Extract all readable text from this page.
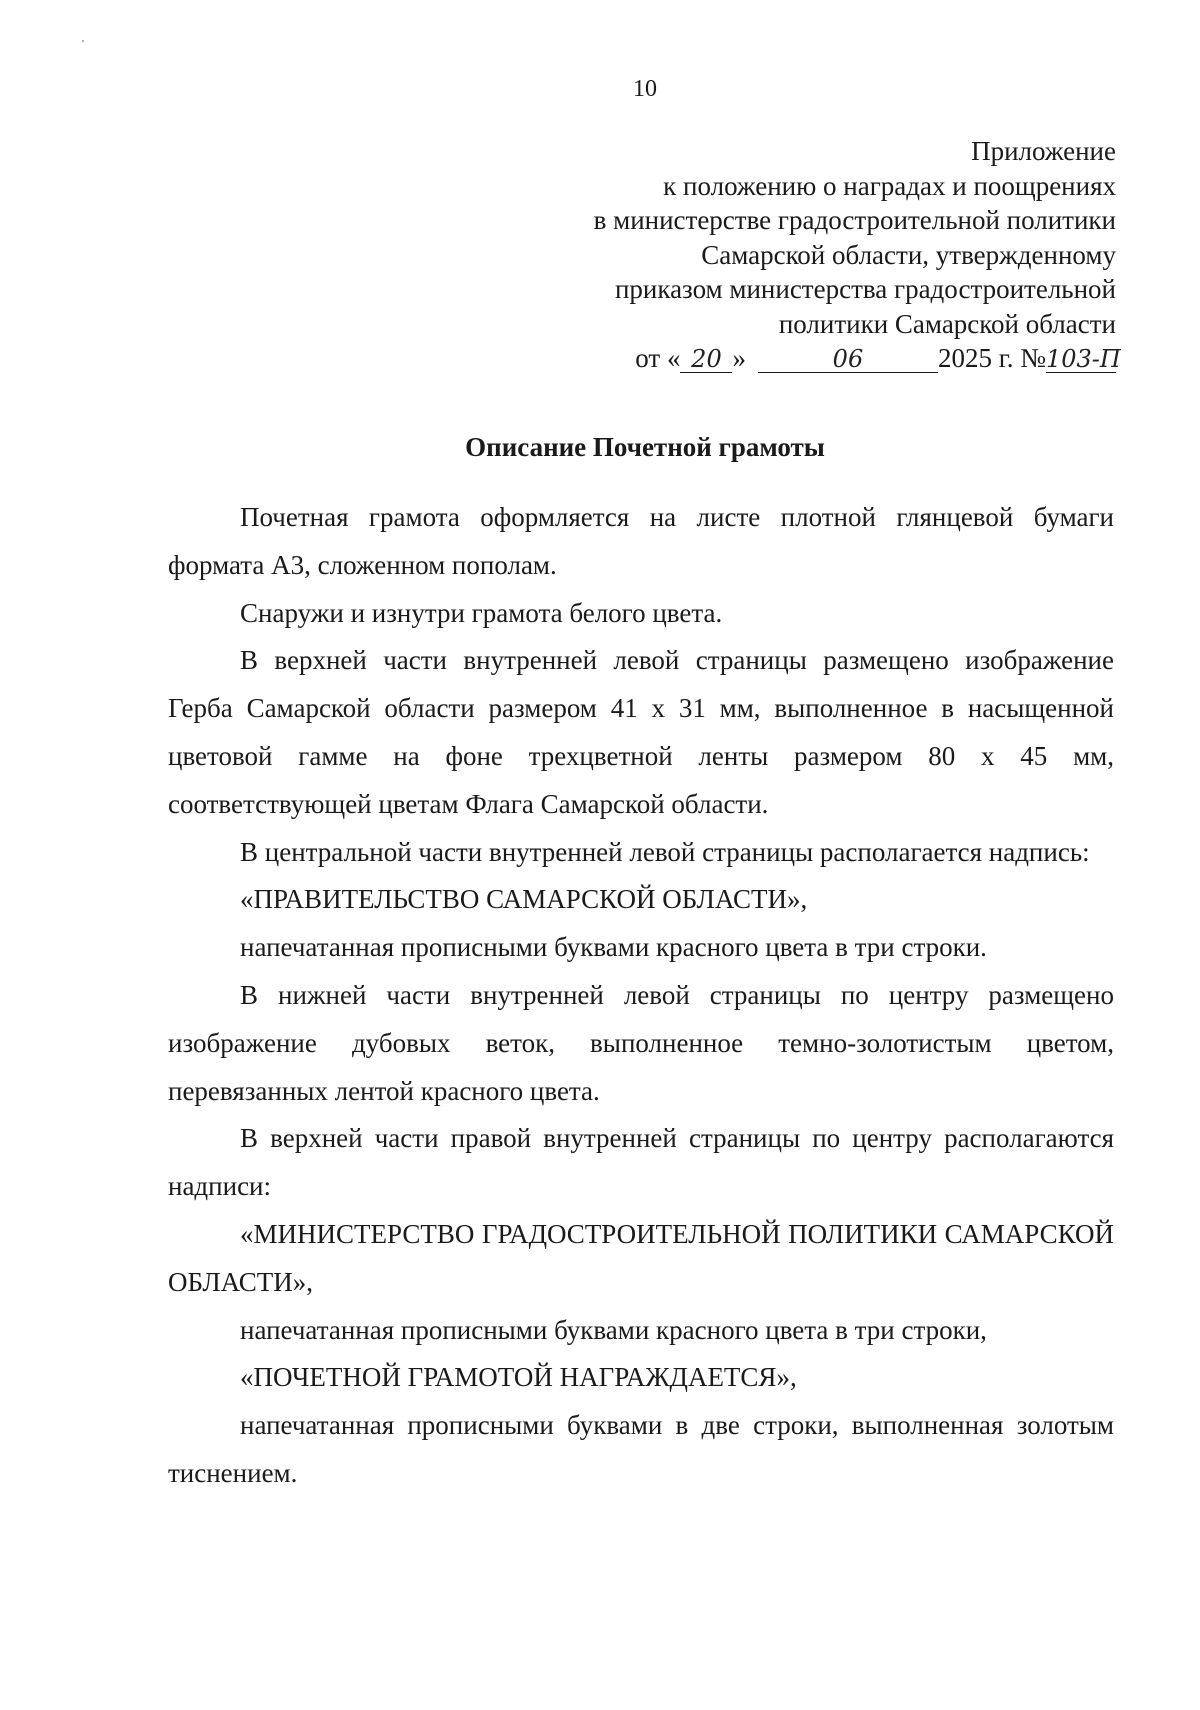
10
Приложение
к положению о наградах и поощрениях
в министерстве градостроительной политики
Самарской области, утвержденному
приказом министерства градостроительной
политики Самарской области
от « 20 »	06	2025 г. №103-П
Описание Почетной грамоты

Почетная грамота оформляется на листе плотной глянцевой бумаги формата А3, сложенном пополам.

Снаружи и изнутри грамота белого цвета.

В верхней части внутренней левой страницы размещено изображение Герба Самарской области размером 41 х 31 мм, выполненное в насыщенной цветовой гамме на фоне трехцветной ленты размером 80 х 45 мм, соответствующей цветам Флага Самарской области.

В центральной части внутренней левой страницы располагается надпись:

«ПРАВИТЕЛЬСТВО САМАРСКОЙ ОБЛАСТИ»,

напечатанная прописными буквами красного цвета в три строки.

В нижней части внутренней левой страницы по центру размещено изображение дубовых веток, выполненное темно-золотистым цветом, перевязанных лентой красного цвета.

В верхней части правой внутренней страницы по центру располагаются надписи:

«МИНИСТЕРСТВО ГРАДОСТРОИТЕЛЬНОЙ ПОЛИТИКИ САМАРСКОЙ ОБЛАСТИ»,

напечатанная прописными буквами красного цвета в три строки,

«ПОЧЕТНОЙ ГРАМОТОЙ НАГРАЖДАЕТСЯ»,

напечатанная прописными буквами в две строки, выполненная золотым тиснением.
